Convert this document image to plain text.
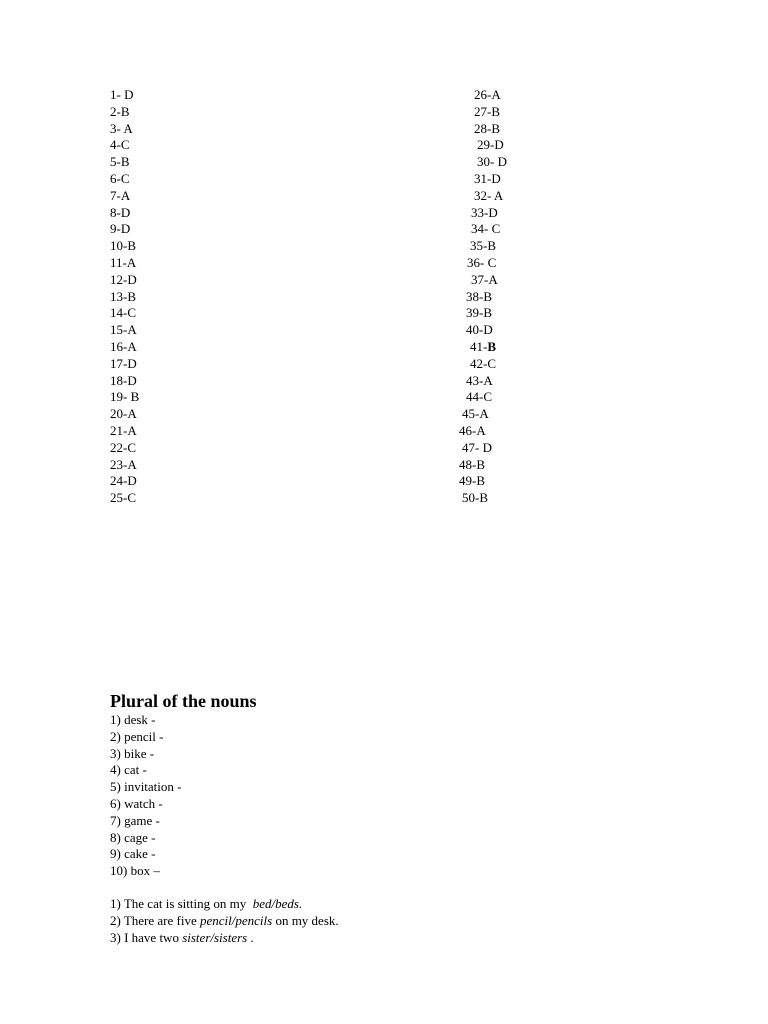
1- D
2-B
3- A
4-C
5-B
6-C
7-A
8-D
9-D
10-B
11-A
12-D
13-B
14-C
15-A
16-A
17-D
18-D
19- B
20-A
21-A
22-C
23-A
24-D
25-C
26-A
27-B
28-B
29-D
30- D
31-D
32- A
33-D
34- C
35-B
36- C
37-A
38-B
39-B
40-D
41-B
42-C
43-A
44-C
45-A
46-A
47- D
48-B
49-B
50-B
Plural of the nouns
1) desk -
2) pencil -
3) bike -
4) cat -
5) invitation -
6) watch -
7) game -
8) cage -
9) cake -
10) box –
1) The cat is sitting on my  bed/beds.
2) There are five pencil/pencils on my desk.
3) I have two sister/sisters .
